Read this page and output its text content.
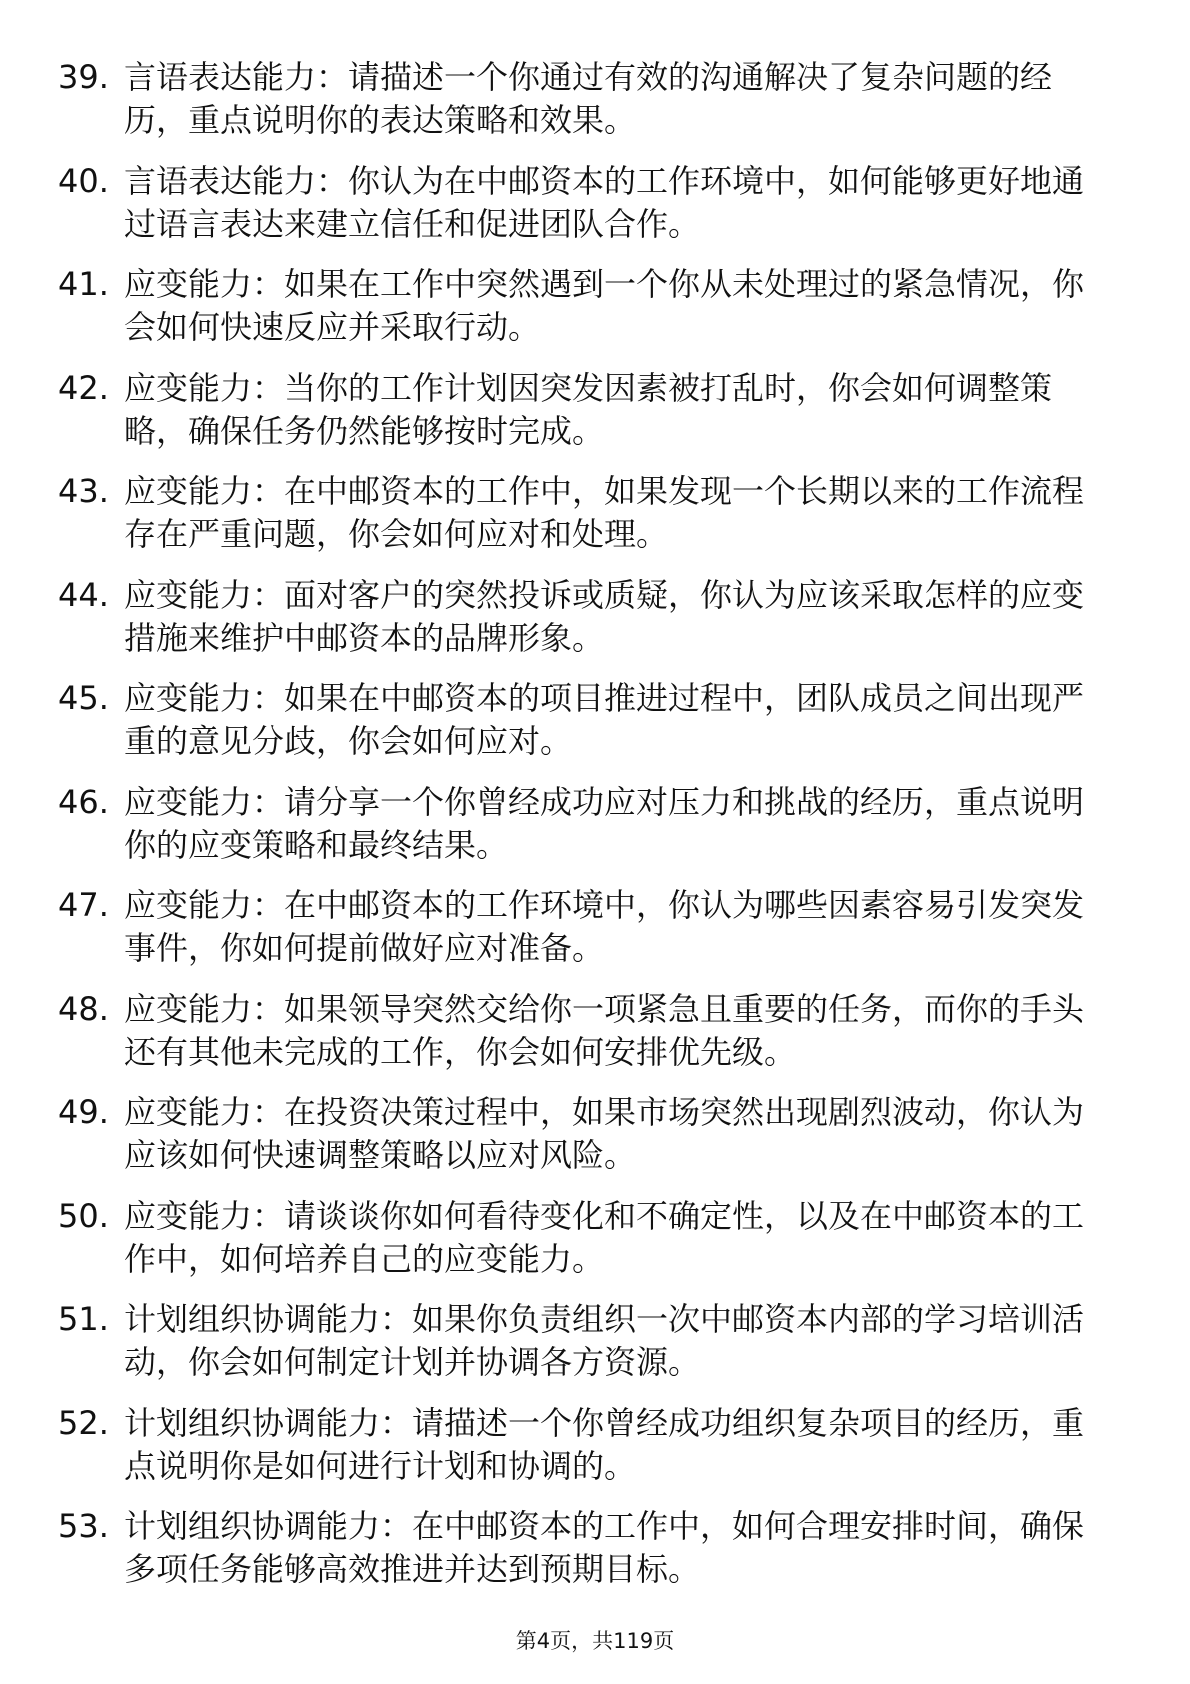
39. 言语表达能力：请描述一个你通过有效的沟通解决了复杂问题的经历，重点说明你的表达策略和效果。
40. 言语表达能力：你认为在中邮资本的工作环境中，如何能够更好地通过语言表达来建立信任和促进团队合作。
41. 应变能力：如果在工作中突然遇到一个你从未处理过的紧急情况，你会如何快速反应并采取行动。
42. 应变能力：当你的工作计划因突发因素被打乱时，你会如何调整策略，确保任务仍然能够按时完成。
43. 应变能力：在中邮资本的工作中，如果发现一个长期以来的工作流程存在严重问题，你会如何应对和处理。
44. 应变能力：面对客户的突然投诉或质疑，你认为应该采取怎样的应变措施来维护中邮资本的品牌形象。
45. 应变能力：如果在中邮资本的项目推进过程中，团队成员之间出现严重的意见分歧，你会如何应对。
46. 应变能力：请分享一个你曾经成功应对压力和挑战的经历，重点说明你的应变策略和最终结果。
47. 应变能力：在中邮资本的工作环境中，你认为哪些因素容易引发突发事件，你如何提前做好应对准备。
48. 应变能力：如果领导突然交给你一项紧急且重要的任务，而你的手头还有其他未完成的工作，你会如何安排优先级。
49. 应变能力：在投资决策过程中，如果市场突然出现剧烈波动，你认为应该如何快速调整策略以应对风险。
50. 应变能力：请谈谈你如何看待变化和不确定性，以及在中邮资本的工作中，如何培养自己的应变能力。
51. 计划组织协调能力：如果你负责组织一次中邮资本内部的学习培训活动，你会如何制定计划并协调各方资源。
52. 计划组织协调能力：请描述一个你曾经成功组织复杂项目的经历，重点说明你是如何进行计划和协调的。
53. 计划组织协调能力：在中邮资本的工作中，如何合理安排时间，确保多项任务能够高效推进并达到预期目标。
第4页，共119页
